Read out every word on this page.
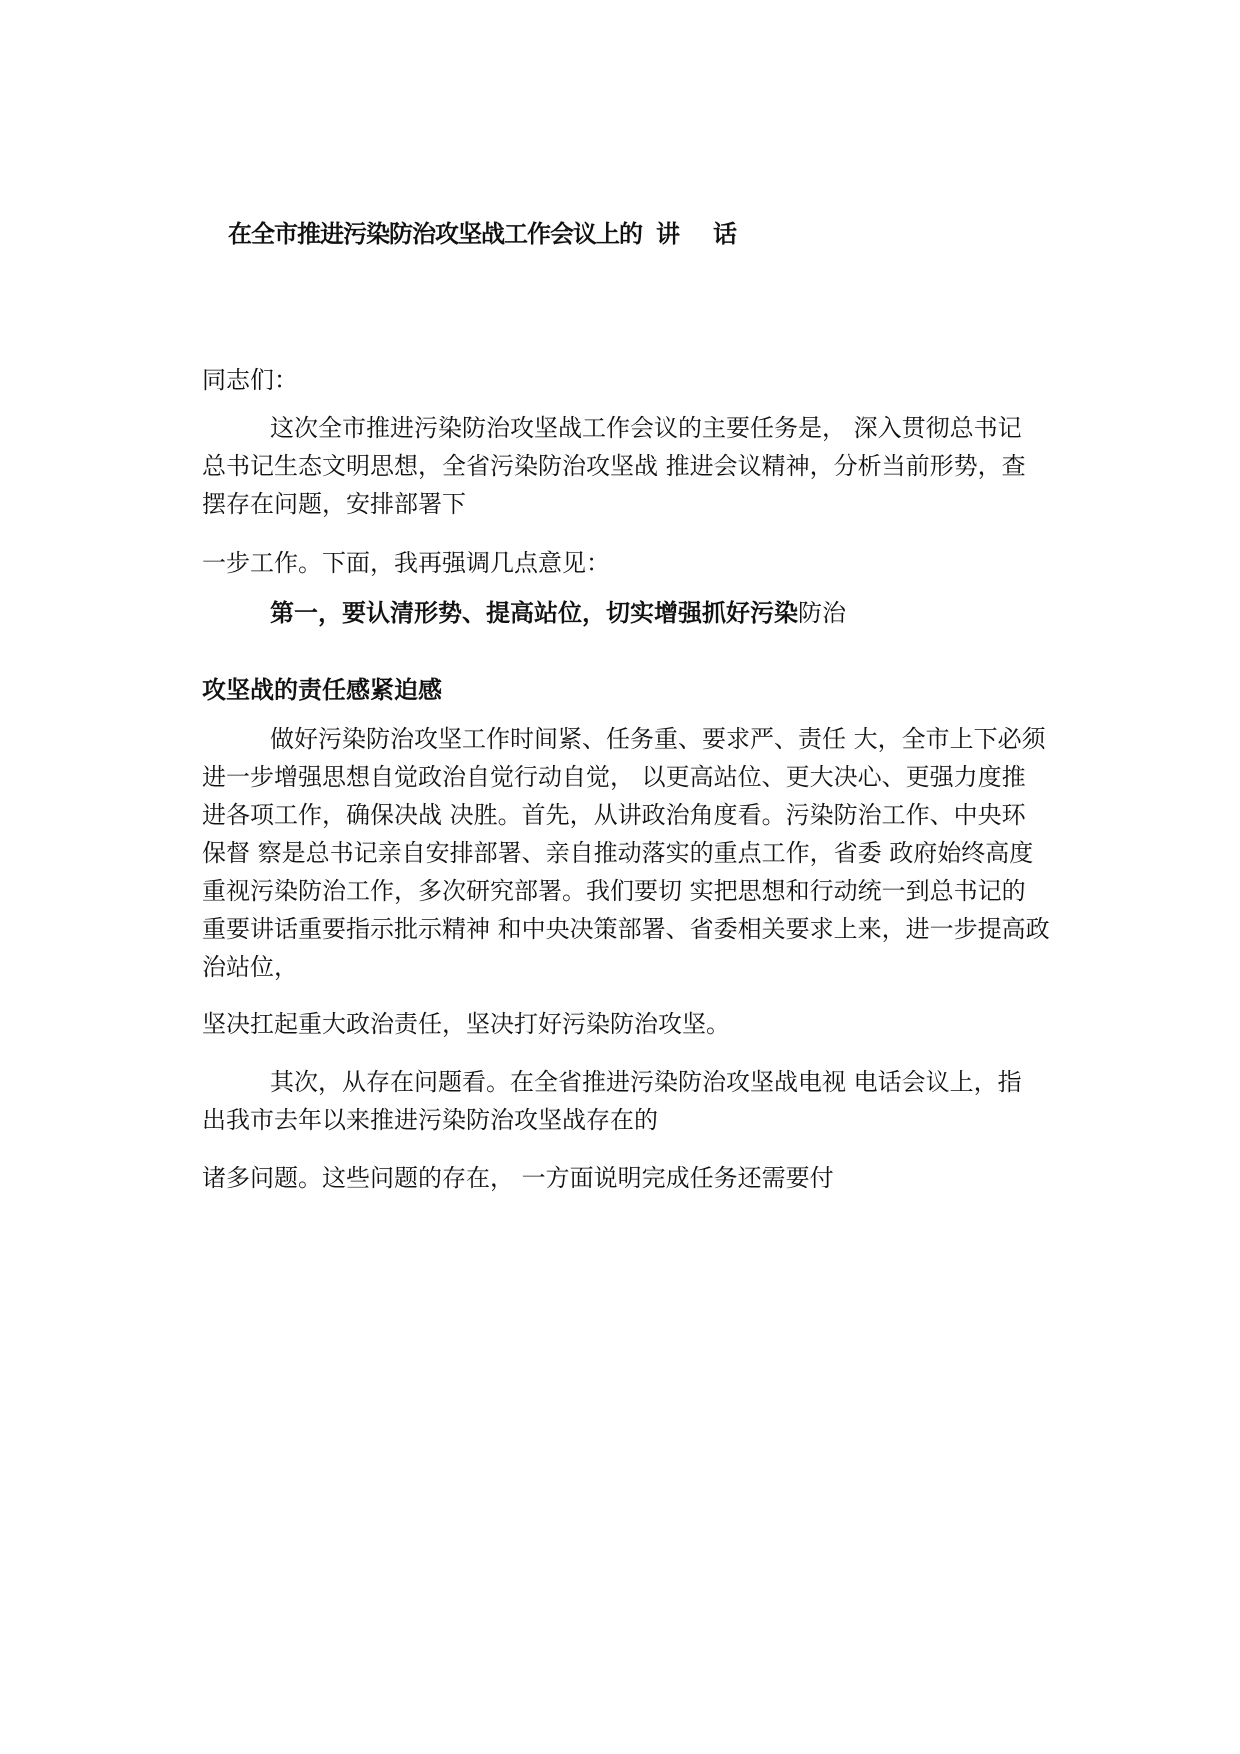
在全市推进污染防治攻坚战工作会议上的 讲 话
同志们：
这次全市推进污染防治攻坚战工作会议的主要任务是， 深入贯彻总书记
总书记生态文明思想，全省污染防治攻坚战 推进会议精神，分析当前形势，查
摆存在问题，安排部署下
一步工作。下面，我再强调几点意见：
第一，要认清形势、提高站位，切实增强抓好污染防治
攻坚战的责任感紧迫感
做好污染防治攻坚工作时间紧、任务重、要求严、责任 大，全市上下必须
进一步增强思想自觉政治自觉行动自觉， 以更高站位、更大决心、更强力度推
进各项工作，确保决战 决胜。首先，从讲政治角度看。污染防治工作、中央环
保督 察是总书记亲自安排部署、亲自推动落实的重点工作，省委 政府始终高度
重视污染防治工作，多次研究部署。我们要切 实把思想和行动统一到总书记的
重要讲话重要指示批示精神 和中央决策部署、省委相关要求上来，进一步提高政
治站位，
坚决扛起重大政治责任，坚决打好污染防治攻坚。
其次，从存在问题看。在全省推进污染防治攻坚战电视 电话会议上，指
出我市去年以来推进污染防治攻坚战存在的
诸多问题。这些问题的存在， 一方面说明完成任务还需要付
